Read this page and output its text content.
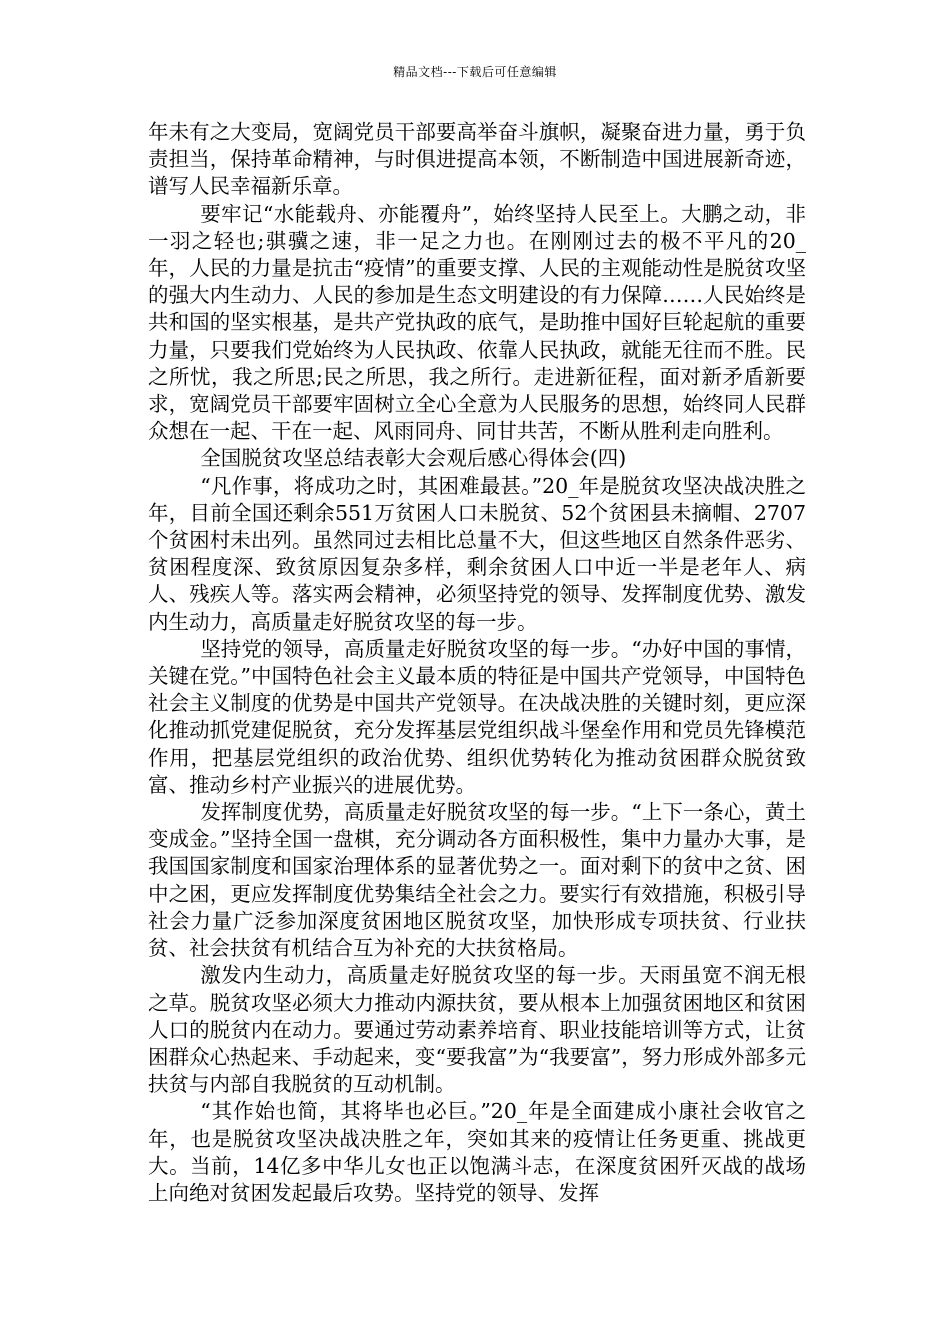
精品文档---下载后可任意编辑

年未有之大变局，宽阔党员干部要高举奋斗旗帜，凝聚奋进力量，勇于负责担当，保持革命精神，与时俱进提高本领，不断制造中国进展新奇迹，谱写人民幸福新乐章。

要牢记“水能载舟、亦能覆舟”，始终坚持人民至上。大鹏之动，非一羽之轻也;骐骥之速，非一足之力也。在刚刚过去的极不平凡的20_年，人民的力量是抗击“疫情”的重要支撑、人民的主观能动性是脱贫攻坚的强大内生动力、人民的参加是生态文明建设的有力保障……人民始终是共和国的坚实根基，是共产党执政的底气，是助推中国好巨轮起航的重要力量，只要我们党始终为人民执政、依靠人民执政，就能无往而不胜。民之所忧，我之所思;民之所思，我之所行。走进新征程，面对新矛盾新要求，宽阔党员干部要牢固树立全心全意为人民服务的思想，始终同人民群众想在一起、干在一起、风雨同舟、同甘共苦，不断从胜利走向胜利。

全国脱贫攻坚总结表彰大会观后感心得体会(四)

“凡作事，将成功之时，其困难最甚。”20_年是脱贫攻坚决战决胜之年，目前全国还剩余551万贫困人口未脱贫、52个贫困县未摘帽、2707个贫困村未出列。虽然同过去相比总量不大，但这些地区自然条件恶劣、贫困程度深、致贫原因复杂多样，剩余贫困人口中近一半是老年人、病人、残疾人等。落实两会精神，必须坚持党的领导、发挥制度优势、激发内生动力，高质量走好脱贫攻坚的每一步。

坚持党的领导，高质量走好脱贫攻坚的每一步。“办好中国的事情，关键在党。”中国特色社会主义最本质的特征是中国共产党领导，中国特色社会主义制度的优势是中国共产党领导。在决战决胜的关键时刻，更应深化推动抓党建促脱贫，充分发挥基层党组织战斗堡垒作用和党员先锋模范作用，把基层党组织的政治优势、组织优势转化为推动贫困群众脱贫致富、推动乡村产业振兴的进展优势。

发挥制度优势，高质量走好脱贫攻坚的每一步。“上下一条心，黄土变成金。”坚持全国一盘棋，充分调动各方面积极性，集中力量办大事，是我国国家制度和国家治理体系的显著优势之一。面对剩下的贫中之贫、困中之困，更应发挥制度优势集结全社会之力。要实行有效措施，积极引导社会力量广泛参加深度贫困地区脱贫攻坚，加快形成专项扶贫、行业扶贫、社会扶贫有机结合互为补充的大扶贫格局。

激发内生动力，高质量走好脱贫攻坚的每一步。天雨虽宽不润无根之草。脱贫攻坚必须大力推动内源扶贫，要从根本上加强贫困地区和贫困人口的脱贫内在动力。要通过劳动素养培育、职业技能培训等方式，让贫困群众心热起来、手动起来，变“要我富”为“我要富”，努力形成外部多元扶贫与内部自我脱贫的互动机制。

“其作始也简，其将毕也必巨。”20_年是全面建成小康社会收官之年，也是脱贫攻坚决战决胜之年，突如其来的疫情让任务更重、挑战更大。当前，14亿多中华儿女也正以饱满斗志，在深度贫困歼灭战的战场上向绝对贫困发起最后攻势。坚持党的领导、发挥
